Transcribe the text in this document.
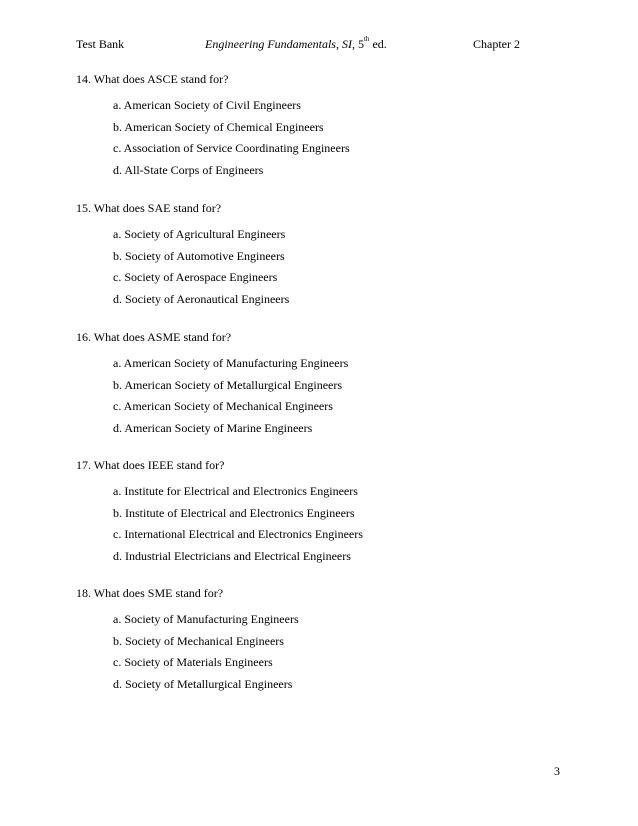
Test Bank	Engineering Fundamentals, SI, 5th ed.	Chapter 2
14. What does ASCE stand for?
a. American Society of Civil Engineers
b. American Society of Chemical Engineers
c. Association of Service Coordinating Engineers
d. All-State Corps of Engineers
15. What does SAE stand for?
a. Society of Agricultural Engineers
b. Society of Automotive Engineers
c. Society of Aerospace Engineers
d. Society of Aeronautical Engineers
16. What does ASME stand for?
a. American Society of Manufacturing Engineers
b. American Society of Metallurgical Engineers
c. American Society of Mechanical Engineers
d. American Society of Marine Engineers
17. What does IEEE stand for?
a. Institute for Electrical and Electronics Engineers
b. Institute of Electrical and Electronics Engineers
c. International Electrical and Electronics Engineers
d. Industrial Electricians and Electrical Engineers
18. What does SME stand for?
a. Society of Manufacturing Engineers
b. Society of Mechanical Engineers
c. Society of Materials Engineers
d. Society of Metallurgical Engineers
3
